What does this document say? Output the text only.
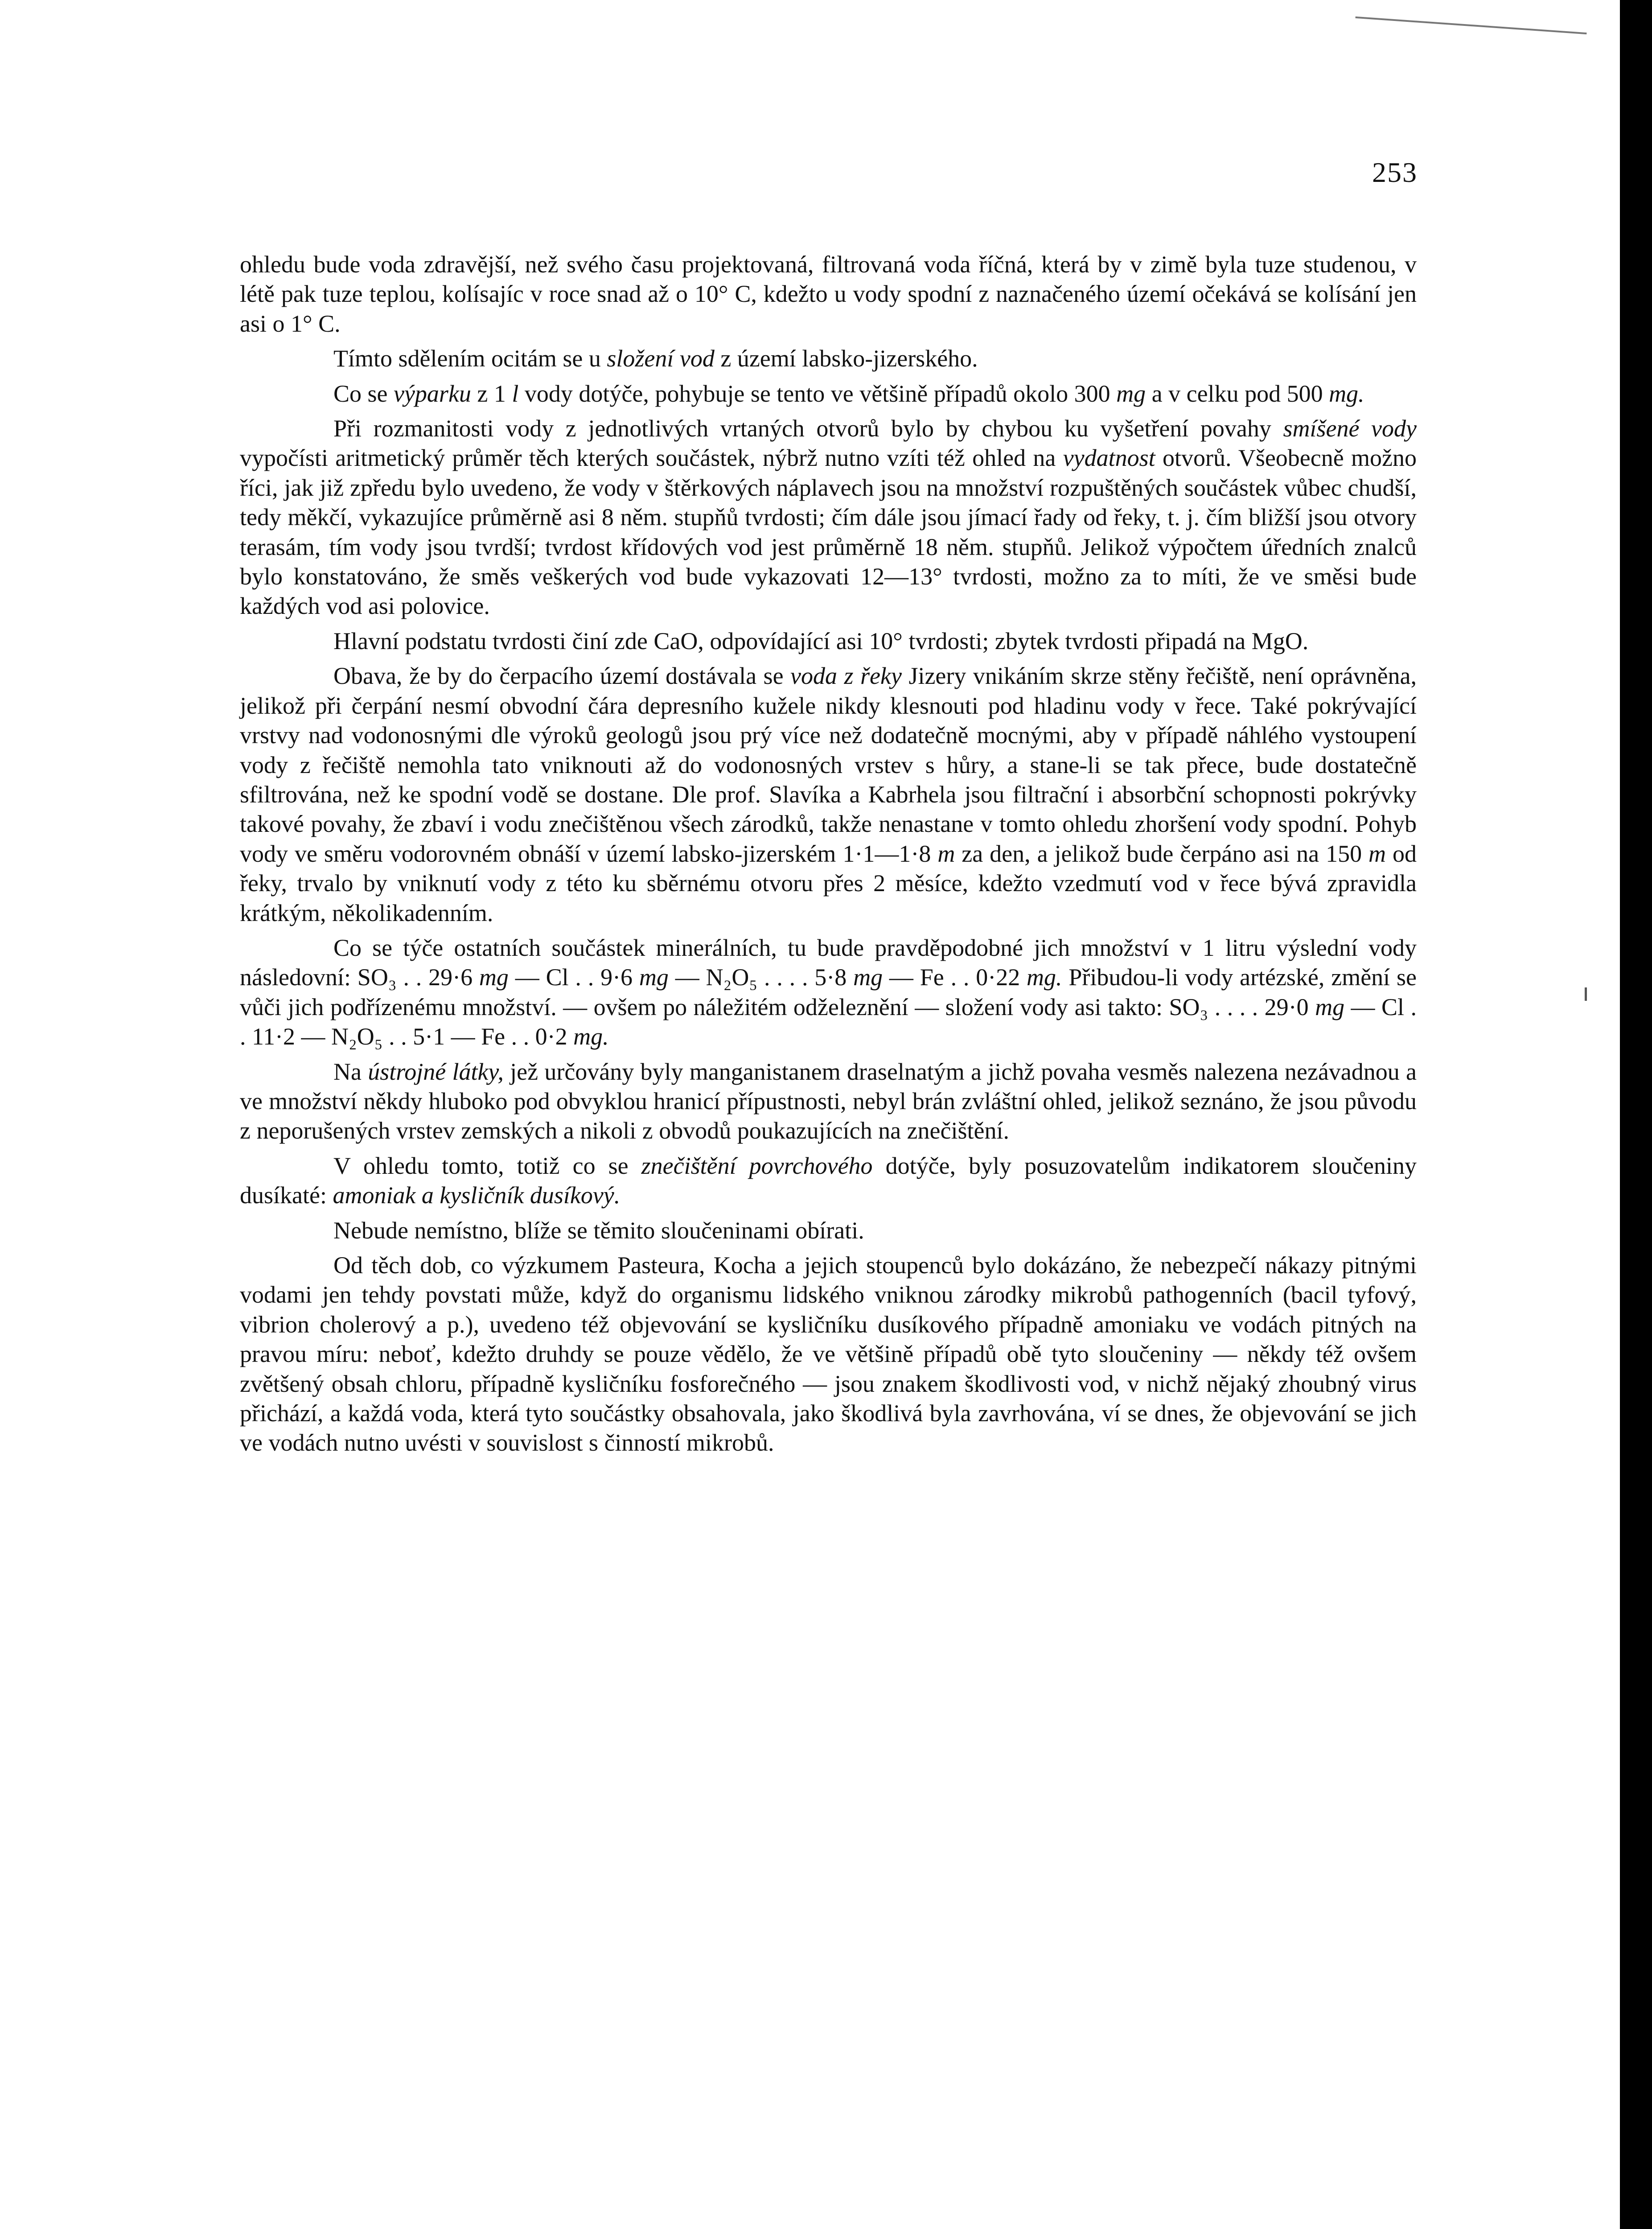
253

ohledu bude voda zdravější, než svého času projektovaná, filtrovaná voda říčná, která by v zimě byla tuze studenou, v létě pak tuze teplou, kolísajíc v roce snad až o 10° C, kdežto u vody spodní z naznačeného území očekává se kolísání jen asi o 1° C.

Tímto sdělením ocitám se u složení vod z území labsko-jizerského.

Co se výparku z 1 l vody dotýče, pohybuje se tento ve většině případů okolo 300 mg a v celku pod 500 mg.

Při rozmanitosti vody z jednotlivých vrtaných otvorů bylo by chybou ku vyšetření povahy smíšené vody vypočísti aritmetický průměr těch kterých součástek, nýbrž nutno vzíti též ohled na vydatnost otvorů. Všeobecně možno říci, jak již zpředu bylo uvedeno, že vody v štěrkových náplavech jsou na množství rozpuštěných součástek vůbec chudší, tedy měkčí, vykazujíce průměrně asi 8 něm. stupňů tvrdosti; čím dále jsou jímací řady od řeky, t. j. čím bližší jsou otvory terasám, tím vody jsou tvrdší; tvrdost křídových vod jest průměrně 18 něm. stupňů. Jelikož výpočtem úředních znalců bylo konstatováno, že směs veškerých vod bude vykazovati 12—13° tvrdosti, možno za to míti, že ve směsi bude každých vod asi polovice.

Hlavní podstatu tvrdosti činí zde CaO, odpovídající asi 10° tvrdosti; zbytek tvrdosti připadá na MgO.

Obava, že by do čerpacího území dostávala se voda z řeky Jizery vnikáním skrze stěny řečiště, není oprávněna, jelikož při čerpání nesmí obvodní čára depresního kužele nikdy klesnouti pod hladinu vody v řece. Také pokrývající vrstvy nad vodonosnými dle výroků geologů jsou prý více než dodatečně mocnými, aby v případě náhlého vystoupení vody z řečiště nemohla tato vniknouti až do vodonosných vrstev s hůry, a stane-li se tak přece, bude dostatečně sfiltrována, než ke spodní vodě se dostane. Dle prof. Slavíka a Kabrhela jsou filtrační i absorbční schopnosti pokrývky takové povahy, že zbaví i vodu znečištěnou všech zárodků, takže nenastane v tomto ohledu zhoršení vody spodní. Pohyb vody ve směru vodorovném obnáší v území labsko-jizerském 1·1—1·8 m za den, a jelikož bude čerpáno asi na 150 m od řeky, trvalo by vniknutí vody z této ku sběrnému otvoru přes 2 měsíce, kdežto vzedmutí vod v řece bývá zpravidla krátkým, několikadenním.

Co se týče ostatních součástek minerálních, tu bude pravděpodobné jich množství v 1 litru výslední vody následovní: SO₃ . . 29·6 mg — Cl . . 9·6 mg — N₂O₅ . . . . 5·8 mg — Fe . . 0·22 mg. Přibudou-li vody artézské, změní se vůči jich podřízenému množství. — ovšem po náležitém odželeznění — složení vody asi takto: SO₃ . . . . 29·0 mg — Cl . . 11·2 — N₂O₅ . . 5·1 — Fe . . 0·2 mg.

Na ústrojné látky, jež určovány byly manganistanem draselnatým a jichž povaha vesměs nalezena nezávadnou a ve množství někdy hluboko pod obvyklou hranicí přípustnosti, nebyl brán zvláštní ohled, jelikož seznáno, že jsou původu z neporušených vrstev zemských a nikoli z obvodů poukazujících na znečištění.

V ohledu tomto, totiž co se znečištění povrchového dotýče, byly posuzovatelům indikatorem sloučeniny dusíkaté: amoniak a kysličník dusíkový.

Nebude nemístno, blíže se těmito sloučeninami obírati.

Od těch dob, co výzkumem Pasteura, Kocha a jejich stoupenců bylo dokázáno, že nebezpečí nákazy pitnými vodami jen tehdy povstati může, když do organismu lidského vniknou zárodky mikrobů pathogenních (bacil tyfový, vibrion cholerový a p.), uvedeno též objevování se kysličníku dusíkového případně amoniaku ve vodách pitných na pravou míru: neboť, kdežto druhdy se pouze vědělo, že ve většině případů obě tyto sloučeniny — někdy též ovšem zvětšený obsah chloru, případně kysličníku fosforečného — jsou znakem škodlivosti vod, v nichž nějaký zhoubný virus přichází, a každá voda, která tyto součástky obsahovala, jako škodlivá byla zavrhována, ví se dnes, že objevování se jich ve vodách nutno uvésti v souvislost s činností mikrobů.
